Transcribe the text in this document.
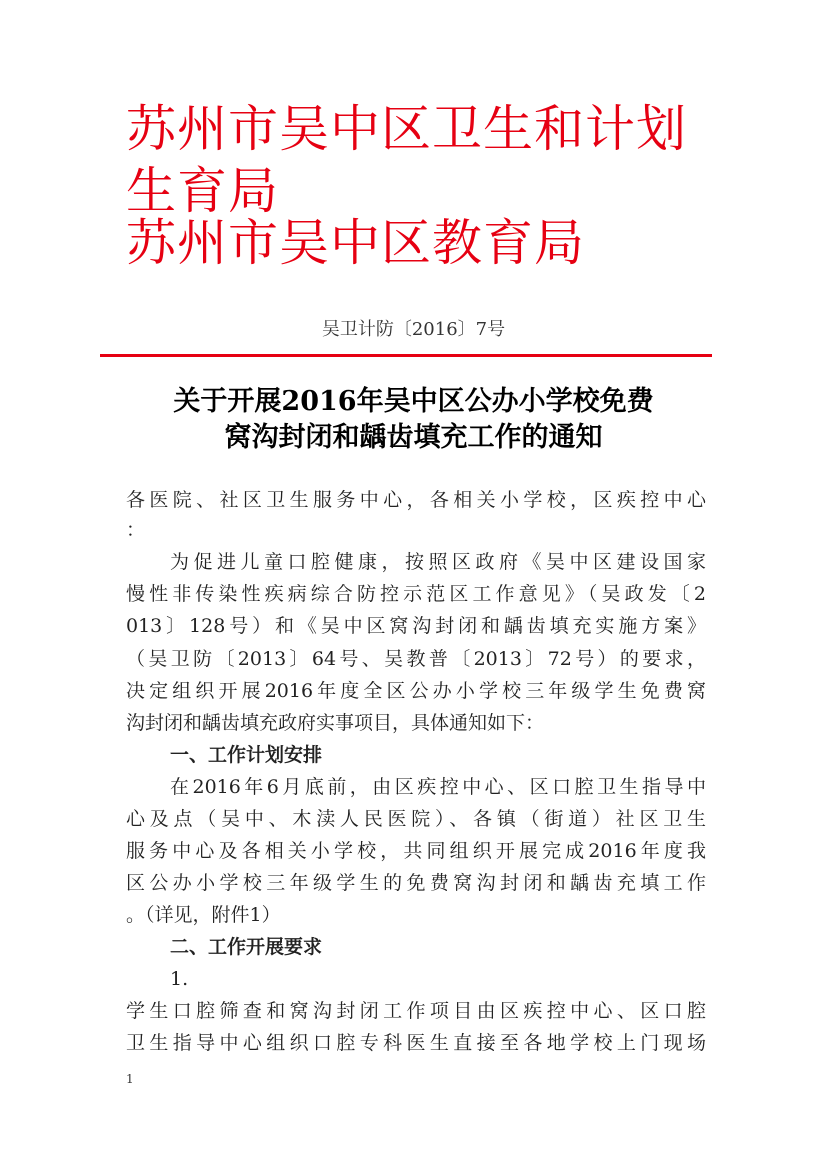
苏州市吴中区卫生和计划
生育局
苏州市吴中区教育局
吴卫计防〔2016〕7号
关于开展2016年吴中区公办小学校免费
窝沟封闭和龋齿填充工作的通知
各医院、社区卫生服务中心，各相关小学校，区疾控中心
：
为促进儿童口腔健康，按照区政府《吴中区建设国家
慢性非传染性疾病综合防控示范区工作意见》（吴政发〔2
013〕128号）和《吴中区窝沟封闭和龋齿填充实施方案》
（吴卫防〔2013〕64号、吴教普〔2013〕72号）的要求，
决定组织开展2016年度全区公办小学校三年级学生免费窝
沟封闭和龋齿填充政府实事项目，具体通知如下：
一、工作计划安排
在2016年6月底前，由区疾控中心、区口腔卫生指导中
心及点（吴中、木渎人民医院）、各镇（街道）社区卫生
服务中心及各相关小学校，共同组织开展完成2016年度我
区公办小学校三年级学生的免费窝沟封闭和龋齿充填工作
。（详见，附件1）
二、工作开展要求
1.
学生口腔筛查和窝沟封闭工作项目由区疾控中心、区口腔
卫生指导中心组织口腔专科医生直接至各地学校上门现场
1
